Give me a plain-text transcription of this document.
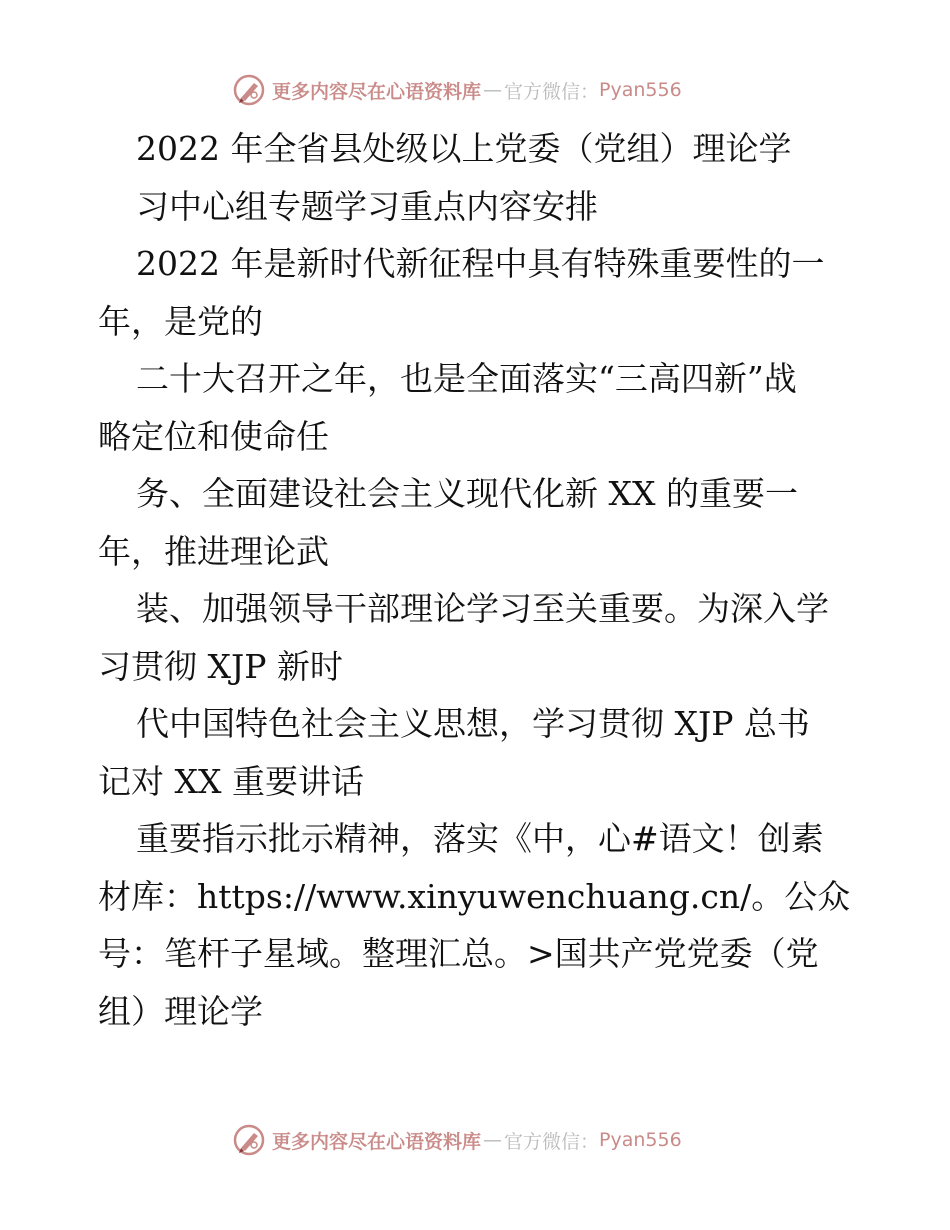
更多内容尽在心语资料库 — 官方微信： Pyan556
2022 年全省县处级以上党委（党组）理论学
习中心组专题学习重点内容安排
2022 年是新时代新征程中具有特殊重要性的一
年，是党的
二十大召开之年，也是全面落实“三高四新”战
略定位和使命任
务、全面建设社会主义现代化新 XX 的重要一
年，推进理论武
装、加强领导干部理论学习至关重要。为深入学
习贯彻 XJP 新时
代中国特色社会主义思想，学习贯彻 XJP 总书
记对 XX 重要讲话
重要指示批示精神，落实《中，心#语文！创素
材库：https://www.xinyuwenchuang.cn/。公众
号：笔杆子星域。整理汇总。>国共产党党委（党
组）理论学
更多内容尽在心语资料库 — 官方微信： Pyan556
